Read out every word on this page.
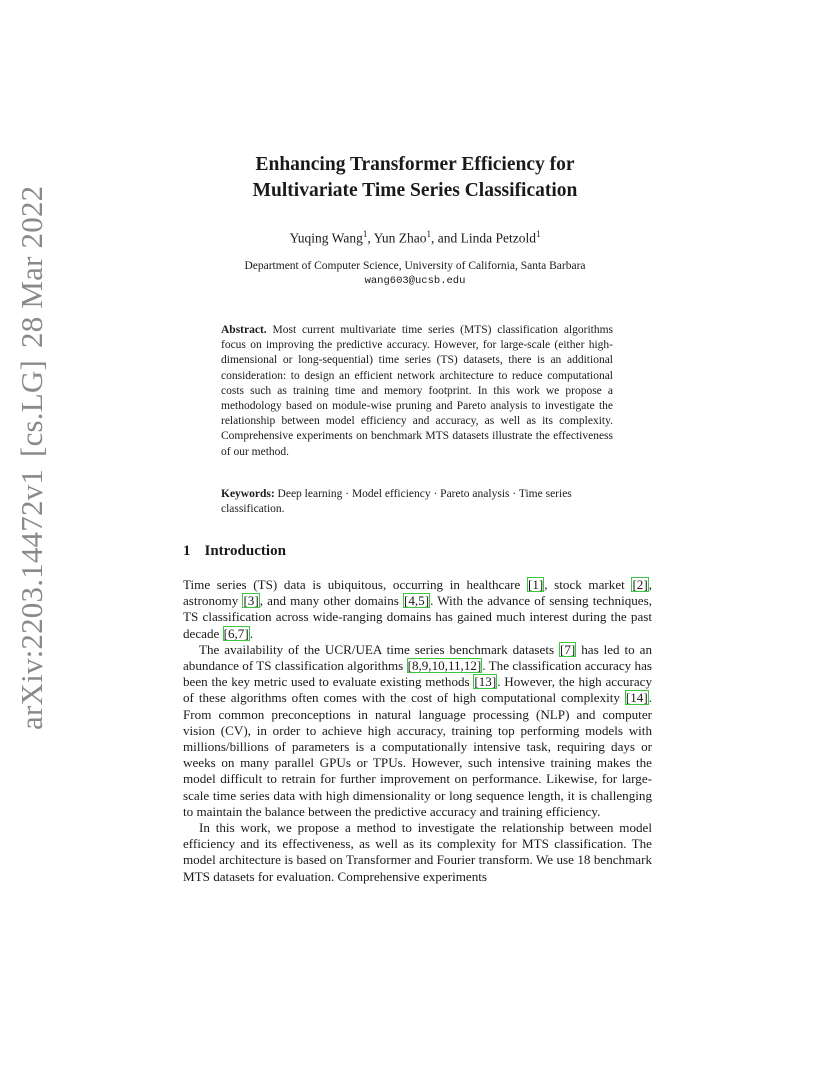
arXiv:2203.14472v1[cs.LG]28 Mar 2022
Enhancing Transformer Efficiency for
Multivariate Time Series Classification
Yuqing Wang$^1$, Yun Zhao$^1$, and Linda Petzold$^1$
Department of Computer Science, University of California, Santa Barbara
wang603@ucsb.edu
Abstract. Most current multivariate time series (MTS) classification algorithms focus on improving the predictive accuracy. However, for large-scale (either high-dimensional or long-sequential) time series (TS) datasets, there is an additional consideration: to design an efficient network architecture to reduce computational costs such as training time and memory footprint. In this work we propose a methodology based on module-wise pruning and Pareto analysis to investigate the relationship between model efficiency and accuracy, as well as its complexity. Comprehensive experiments on benchmark MTS datasets illustrate the effectiveness of our method.
Keywords: Deep learning · Model efficiency · Pareto analysis · Time series classification.
1 Introduction

Time series (TS) data is ubiquitous, occurring in healthcare [1], stock market [2], astronomy [3], and many other domains [4,5]. With the advance of sensing techniques, TS classification across wide-ranging domains has gained much interest during the past decade [6,7].

The availability of the UCR/UEA time series benchmark datasets [7] has led to an abundance of TS classification algorithms [8,9,10,11,12]. The classification accuracy has been the key metric used to evaluate existing methods [13]. However, the high accuracy of these algorithms often comes with the cost of high computational complexity [14]. From common preconceptions in natural language processing (NLP) and computer vision (CV), in order to achieve high accuracy, training top performing models with millions/billions of parameters is a computationally intensive task, requiring days or weeks on many parallel GPUs or TPUs. However, such intensive training makes the model difficult to retrain for further improvement on performance. Likewise, for large-scale time series data with high dimensionality or long sequence length, it is challenging to maintain the balance between the predictive accuracy and training efficiency.

In this work, we propose a method to investigate the relationship between model efficiency and its effectiveness, as well as its complexity for MTS classification. The model architecture is based on Transformer and Fourier transform. We use 18 benchmark MTS datasets for evaluation. Comprehensive experiments
